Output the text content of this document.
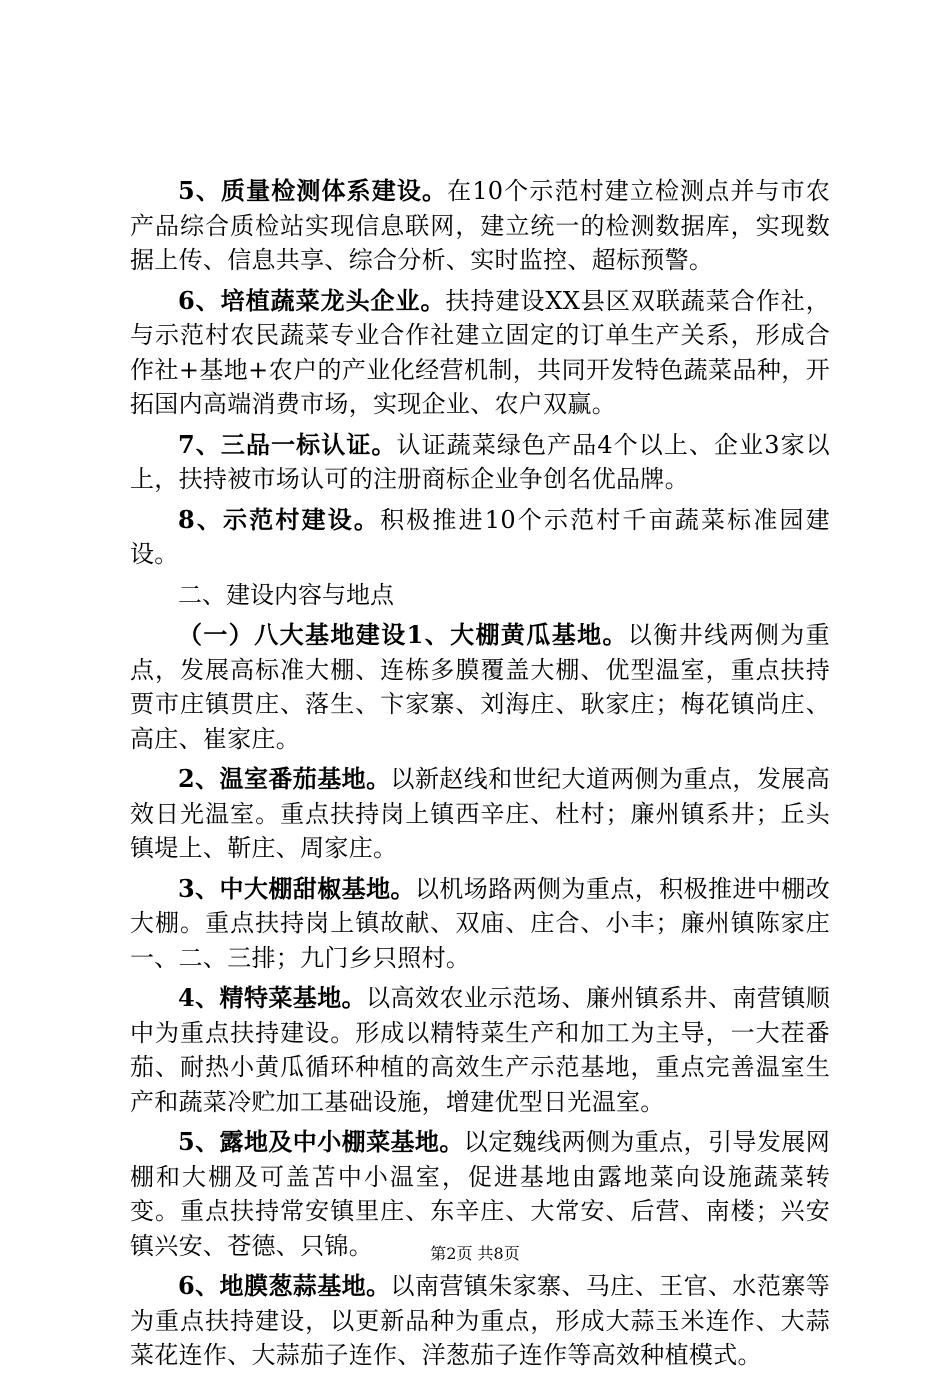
5、质量检测体系建设。在10个示范村建立检测点并与市农产品综合质检站实现信息联网，建立统一的检测数据库，实现数据上传、信息共享、综合分析、实时监控、超标预警。

6、培植蔬菜龙头企业。扶持建设XX县区双联蔬菜合作社，与示范村农民蔬菜专业合作社建立固定的订单生产关系，形成合作社+基地+农户的产业化经营机制，共同开发特色蔬菜品种，开拓国内高端消费市场，实现企业、农户双赢。

7、三品一标认证。认证蔬菜绿色产品4个以上、企业3家以上，扶持被市场认可的注册商标企业争创名优品牌。

8、示范村建设。积极推进10个示范村千亩蔬菜标准园建设。

二、建设内容与地点

（一）八大基地建设1、大棚黄瓜基地。以衡井线两侧为重点，发展高标准大棚、连栋多膜覆盖大棚、优型温室，重点扶持贾市庄镇贯庄、落生、卞家寨、刘海庄、耿家庄；梅花镇尚庄、高庄、崔家庄。

2、温室番茄基地。以新赵线和世纪大道两侧为重点，发展高效日光温室。重点扶持岗上镇西辛庄、杜村；廉州镇系井；丘头镇堤上、靳庄、周家庄。

3、中大棚甜椒基地。以机场路两侧为重点，积极推进中棚改大棚。重点扶持岗上镇故献、双庙、庄合、小丰；廉州镇陈家庄一、二、三排；九门乡只照村。

4、精特菜基地。以高效农业示范场、廉州镇系井、南营镇顺中为重点扶持建设。形成以精特菜生产和加工为主导，一大茬番茄、耐热小黄瓜循环种植的高效生产示范基地，重点完善温室生产和蔬菜冷贮加工基础设施，增建优型日光温室。

5、露地及中小棚菜基地。以定魏线两侧为重点，引导发展网棚和大棚及可盖苫中小温室，促进基地由露地菜向设施蔬菜转变。重点扶持常安镇里庄、东辛庄、大常安、后营、南楼；兴安镇兴安、苍德、只锦。

6、地膜葱蒜基地。以南营镇朱家寨、马庄、王官、水范寨等为重点扶持建设，以更新品种为重点，形成大蒜玉米连作、大蒜菜花连作、大蒜茄子连作、洋葱茄子连作等高效种植模式。

第2页 共8页
